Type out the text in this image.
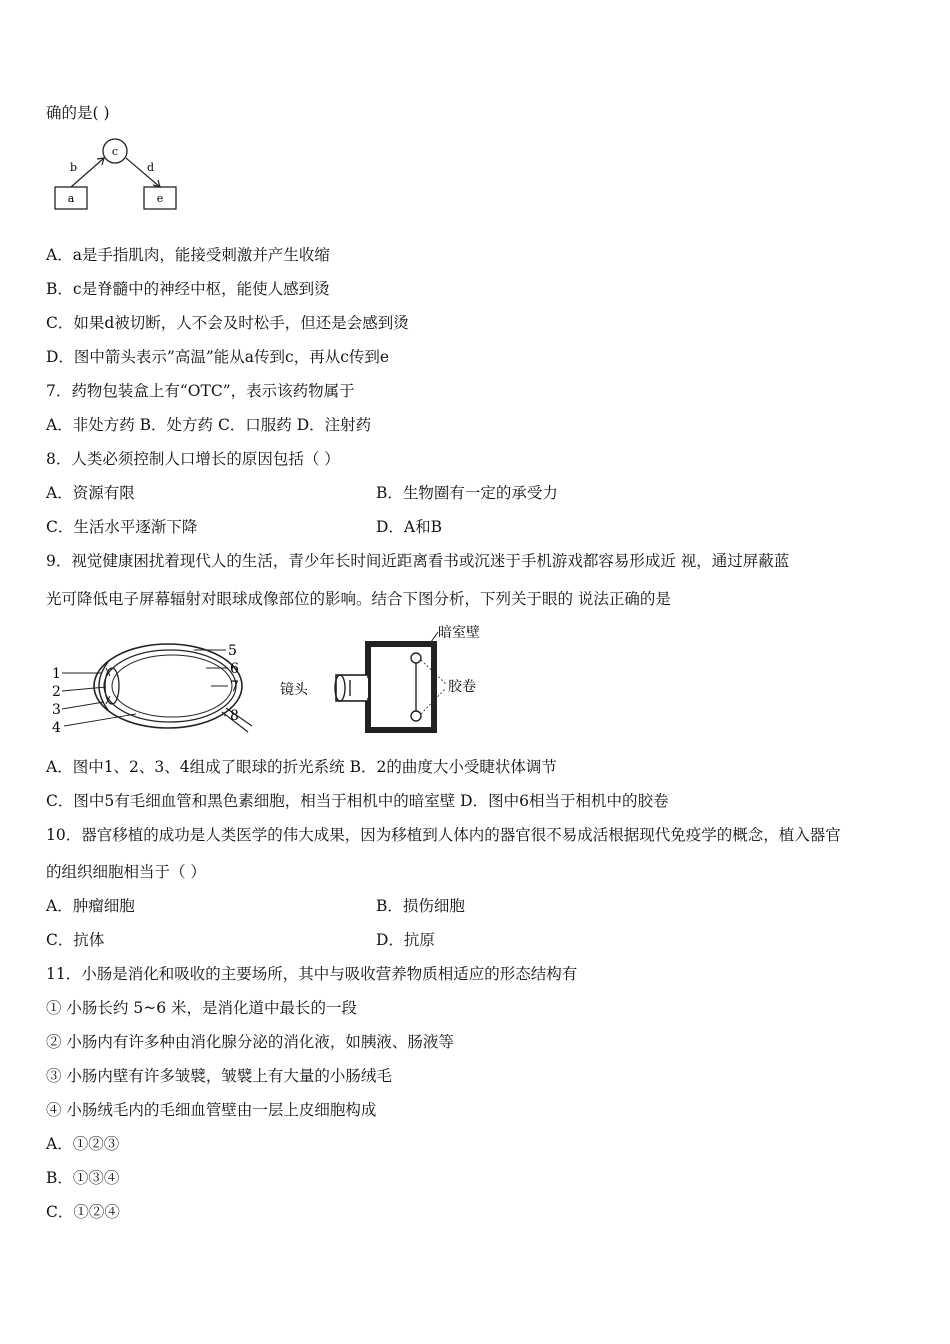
确的是( )
c
a	e
b	d
A．a是手指肌肉，能接受刺激并产生收缩
B．c是脊髓中的神经中枢，能使人感到烫
C．如果d被切断，人不会及时松手，但还是会感到烫
D．图中箭头表示”高温”能从a传到c，再从c传到e
7．药物包装盒上有“OTC”，表示该药物属于
A．非处方药 B．处方药 C．口服药 D．注射药
8．人类必须控制人口增长的原因包括（ ）
A．资源有限	B．生物圈有一定的承受力
C．生活水平逐渐下降	D．A和B
9．视觉健康困扰着现代人的生活，青少年长时间近距离看书或沉迷于手机游戏都容易形成近 视，通过屏蔽蓝
光可降低电子屏幕辐射对眼球成像部位的影响。结合下图分析，下列关于眼的 说法正确的是
1
2
3
4
5
6
7
8
暗室壁
镜头	胶卷
A．图中1、2、3、4组成了眼球的折光系统 B．2的曲度大小受睫状体调节
C．图中5有毛细血管和黑色素细胞，相当于相机中的暗室壁 D．图中6相当于相机中的胶卷
10．器官移植的成功是人类医学的伟大成果，因为移植到人体内的器官很不易成活根据现代免疫学的概念，植入器官
的组织细胞相当于（ ）
A．肿瘤细胞	B．损伤细胞
C．抗体	D．抗原
11．小肠是消化和吸收的主要场所，其中与吸收营养物质相适应的形态结构有
① 小肠长约 5~6 米，是消化道中最长的一段
② 小肠内有许多种由消化腺分泌的消化液，如胰液、肠液等
③ 小肠内壁有许多皱襞，皱襞上有大量的小肠绒毛
④ 小肠绒毛内的毛细血管壁由一层上皮细胞构成
A．①②③
B．①③④
C．①②④
